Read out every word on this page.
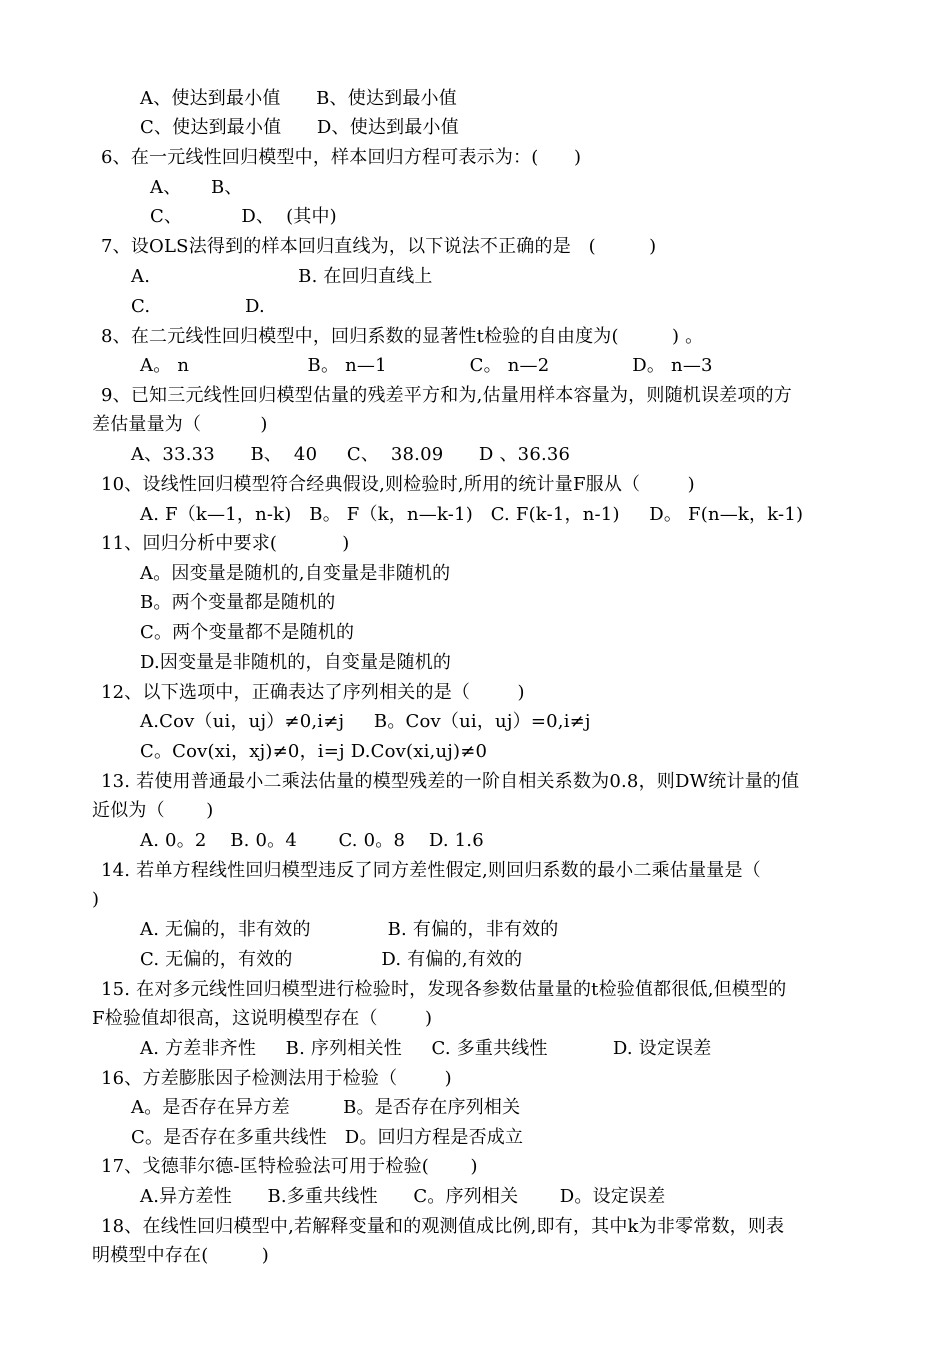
A、使达到最小值      B、使达到最小值
C、使达到最小值      D、使达到最小值
6、在一元线性回归模型中，样本回归方程可表示为：(      )
A、     B、
C、          D、  (其中)
7、设OLS法得到的样本回归直线为，以下说法不正确的是   (         )
A.                         B. 在回归直线上
C.                D.
8、在二元线性回归模型中，回归系数的显著性t检验的自由度为(         ) 。
A。 n                    B。 n—1              C。 n—2              D。 n—3
9、已知三元线性回归模型估量的残差平方和为,估量用样本容量为，则随机误差项的方
差估量量为（          )
A、33.33      B、  40     C、  38.09      D 、36.36
10、设线性回归模型符合经典假设,则检验时,所用的统计量F服从（        )
A. F（k—1，n-k)   B。 F（k，n—k-1)   C. F(k-1，n-1)     D。 F(n—k，k-1)
11、回归分析中要求(           )
A。因变量是随机的,自变量是非随机的
B。两个变量都是随机的
C。两个变量都不是随机的
D.因变量是非随机的，自变量是随机的
12、以下选项中，正确表达了序列相关的是（        )
A.Cov（ui，uj）≠0,i≠j     B。Cov（ui，uj）=0,i≠j
C。Cov(xi，xj)≠0，i=j D.Cov(xi,uj)≠0
13. 若使用普通最小二乘法估量的模型残差的一阶自相关系数为0.8，则DW统计量的值
近似为（       )
A. 0。2    B. 0。4       C. 0。8    D. 1.6
14. 若单方程线性回归模型违反了同方差性假定,则回归系数的最小二乘估量量是（
)
A. 无偏的，非有效的             B. 有偏的，非有效的
C. 无偏的，有效的               D. 有偏的,有效的
15. 在对多元线性回归模型进行检验时，发现各参数估量量的t检验值都很低,但模型的
F检验值却很高，这说明模型存在（        )
A. 方差非齐性     B. 序列相关性     C. 多重共线性           D. 设定误差
16、方差膨胀因子检测法用于检验（        )
A。是否存在异方差         B。是否存在序列相关
C。是否存在多重共线性   D。回归方程是否成立
17、戈德菲尔德-匡特检验法可用于检验(       )
A.异方差性      B.多重共线性      C。序列相关       D。设定误差
18、在线性回归模型中,若解释变量和的观测值成比例,即有，其中k为非零常数，则表
明模型中存在(         )
